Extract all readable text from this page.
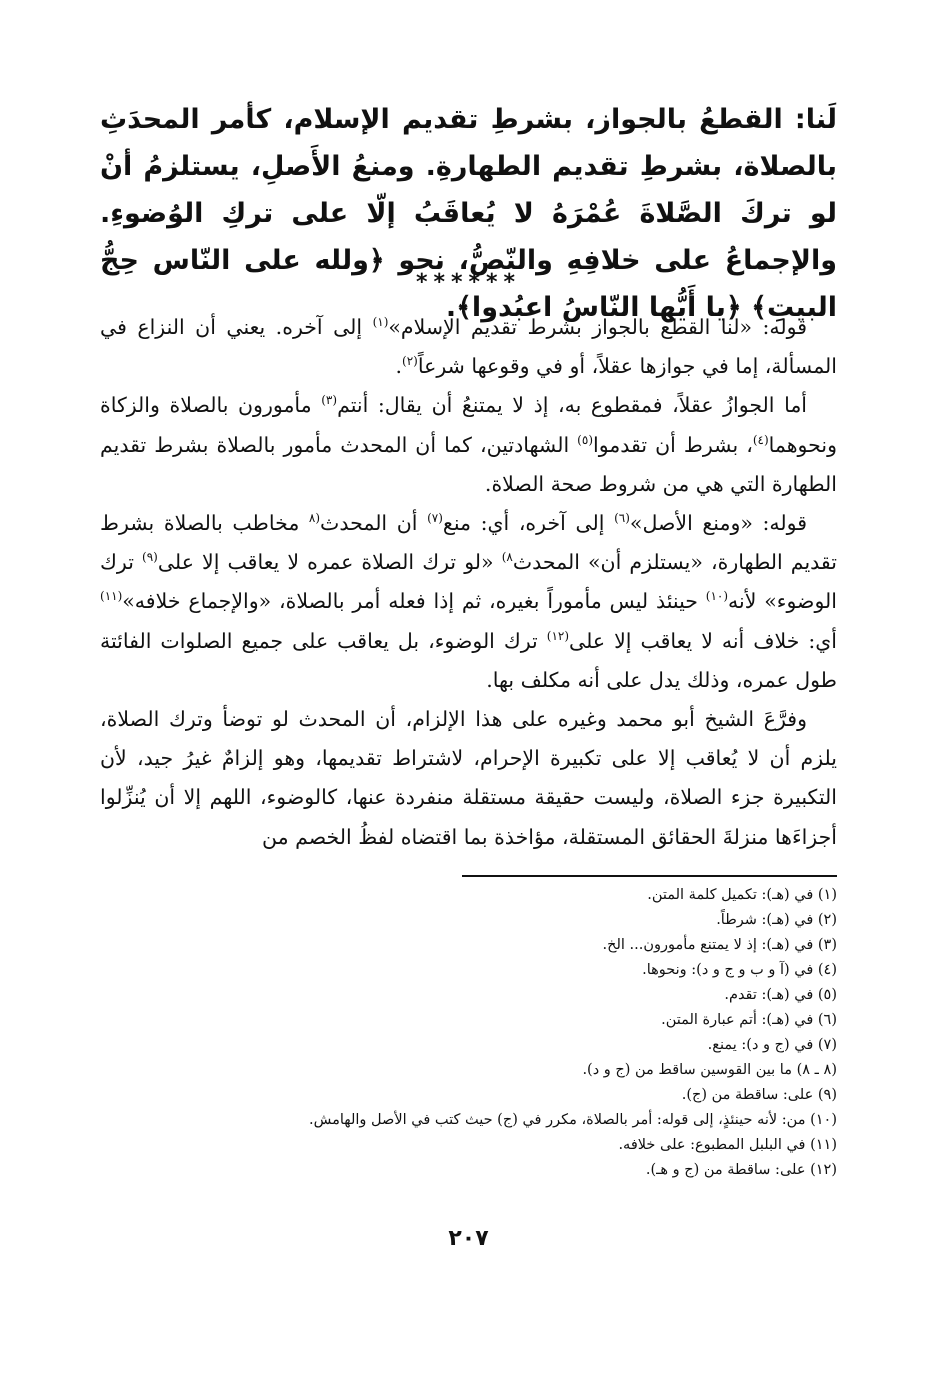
لَنا: القطعُ بالجواز، بشرطِ تقديم الإسلام، كأمر المحدَثِ بالصلاة، بشرطِ تقديم الطهارةِ. ومنعُ الأَصلِ، يستلزمُ أنْ لو تركَ الصَّلاةَ عُمْرَهُ لا يُعاقَبُ إلّا على تركِ الوُضوءِ. والإجماعُ على خلافِهِ والنّصُّ، نحو ﴿ولله على النّاس حِجُّ البيتِ﴾ ﴿يا أَيُّها النّاسُ اعبُدوا﴾.

******

قوله: «لنا القطع بالجواز بشرط تقديم الإسلام»$^{(١)}$ إلى آخره. يعني أن النزاع في المسألة، إما في جوازها عقلاً، أو في وقوعها شرعاً$^{(٢)}$.

أما الجوازُ عقلاً، فمقطوع به، إذ لا يمتنعُ أن يقال: أنتم$^{(٣)}$ مأمورون بالصلاة والزكاة ونحوهما$^{(٤)}$، بشرط أن تقدموا$^{(٥)}$ الشهادتين، كما أن المحدث مأمور بالصلاة بشرط تقديم الطهارة التي هي من شروط صحة الصلاة.

قوله: «ومنع الأصل»$^{(٦)}$ إلى آخره، أي: منع$^{(٧)}$ أن المحدث$^{(٨}$ مخاطب بالصلاة بشرط تقديم الطهارة، «يستلزم أن» المحدث$^{٨)}$ «لو ترك الصلاة عمره لا يعاقب إلا على$^{(٩)}$ ترك الوضوء» لأنه$^{(١٠)}$ حينئذ ليس مأموراً بغيره، ثم إذا فعله أمر بالصلاة، «والإجماع خلافه»$^{(١١)}$ أي: خلاف أنه لا يعاقب إلا على$^{(١٢)}$ ترك الوضوء، بل يعاقب على جميع الصلوات الفائتة طول عمره، وذلك يدل على أنه مكلف بها.

وفرَّعَ الشيخ أبو محمد وغيره على هذا الإلزام، أن المحدث لو توضأ وترك الصلاة، يلزم أن لا يُعاقب إلا على تكبيرة الإحرام، لاشتراط تقديمها، وهو إلزامٌ غيرُ جيد، لأن التكبيرة جزء الصلاة، وليست حقيقة مستقلة منفردة عنها، كالوضوء، اللهم إلا أن يُنزِّلوا أجزاءَها منزلةَ الحقائق المستقلة، مؤاخذة بما اقتضاه لفظُ الخصم من

(١) في (هـ): تكميل كلمة المتن.
(٢) في (هـ): شرطاً.
(٣) في (هـ): إذ لا يمتنع مأمورون... الخ.
(٤) في (آ و ب و ج و د): ونحوها.
(٥) في (هـ): تقدم.
(٦) في (هـ): أتم عبارة المتن.
(٧) في (ج و د): يمنع.
(٨ ـ ٨) ما بين القوسين ساقط من (ج و د).
(٩) على: ساقطة من (ج).
(١٠) من: لأنه حينئذٍ، إلى قوله: أمر بالصلاة، مكرر في (ج) حيث كتب في الأصل والهامش.
(١١) في البلبل المطبوع: على خلافه.
(١٢) على: ساقطة من (ج و هـ).
٢٠٧
